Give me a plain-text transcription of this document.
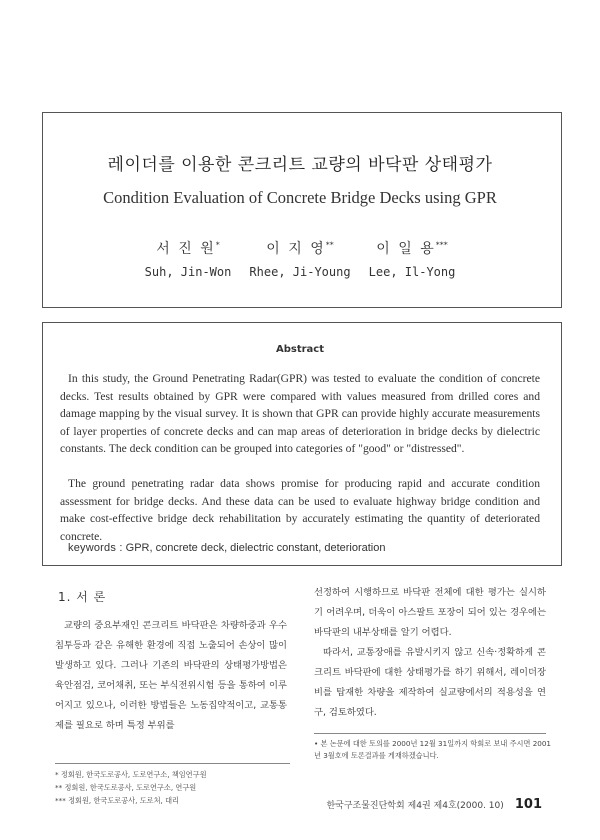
레이더를 이용한 콘크리트 교량의 바닥판 상태평가
Condition Evaluation of Concrete Bridge Decks using GPR
서 진 원*	이 지 영**	이 일 용***
Suh, Jin-Won	Rhee, Ji-Young	Lee, Il-Yong
Abstract

In this study, the Ground Penetrating Radar(GPR) was tested to evaluate the condition of concrete decks. Test results obtained by GPR were compared with values measured from drilled cores and damage mapping by the visual survey. It is shown that GPR can provide highly accurate measurements of layer properties of concrete decks and can map areas of deterioration in bridge decks by dielectric constants. The deck condition can be grouped into categories of "good" or "distressed".

The ground penetrating radar data shows promise for producing rapid and accurate condition assessment for bridge decks. And these data can be used to evaluate highway bridge condition and make cost-effective bridge deck rehabilitation by accurately estimating the quantity of deteriorated concrete.

keywords : GPR, concrete deck, dielectric constant, deterioration
1. 서 론

교량의 중요부재인 콘크리트 바닥판은 차량하중과 우수 침투등과 같은 유해한 환경에 직접 노출되어 손상이 많이 발생하고 있다. 그러나 기존의 바닥판의 상태평가방법은 육안점검, 코어채취, 또는 부식전위시험 등을 통하여 이루어지고 있으나, 이러한 방법들은 노동집약적이고, 교통통제를 필요로 하며 특정 부위를

선정하여 시행하므로 바닥판 전체에 대한 평가는 실시하기 어려우며, 더욱이 아스팔트 포장이 되어 있는 경우에는 바닥판의 내부상태를 알기 어렵다.

따라서, 교통장애를 유발시키지 않고 신속·정확하게 콘크리트 바닥판에 대한 상태평가를 하기 위해서, 레이더장비를 탑재한 차량을 제작하여 실교량에서의 적용성을 연구, 검토하였다.

* 정회원, 한국도로공사, 도로연구소, 책임연구원
** 정회원, 한국도로공사, 도로연구소, 연구원
*** 정회원, 한국도로공사, 도로처, 대리
• 본 논문에 대한 토의를 2000년 12월 31일까지 학회로 보내 주시면 2001년 3월호에 토론결과를 게재하겠습니다.
한국구조물진단학회 제4권 제4호(2000. 10) 101
